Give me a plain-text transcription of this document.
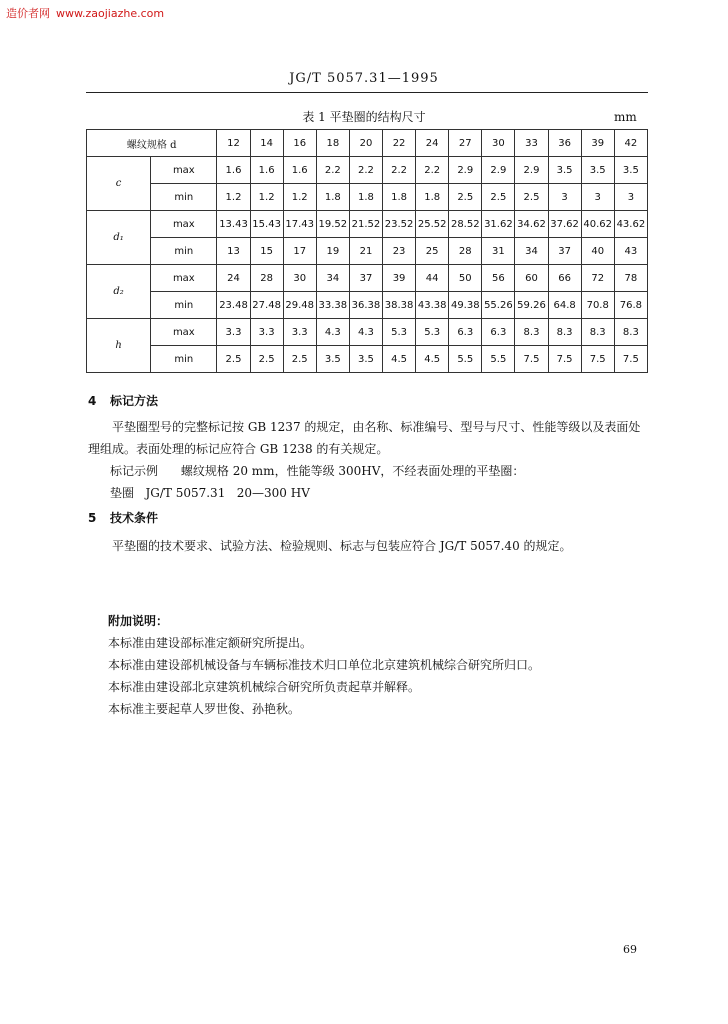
造价者网 www.zaojiazhe.com
JG/T 5057.31—1995
表 1 平垫圈的结构尺寸	mm
螺纹规格 d		12	14	16	18	20	22	24	27	30	33	36	39	42
c	max	1.6	1.6	1.6	2.2	2.2	2.2	2.2	2.9	2.9	2.9	3.5	3.5	3.5
	min	1.2	1.2	1.2	1.8	1.8	1.8	1.8	2.5	2.5	2.5	3	3	3
d₁	max	13.43	15.43	17.43	19.52	21.52	23.52	25.52	28.52	31.62	34.62	37.62	40.62	43.62
	min	13	15	17	19	21	23	25	28	31	34	37	40	43
d₂	max	24	28	30	34	37	39	44	50	56	60	66	72	78
	min	23.48	27.48	29.48	33.38	36.38	38.38	43.38	49.38	55.26	59.26	64.8	70.8	76.8
h	max	3.3	3.3	3.3	4.3	4.3	5.3	5.3	6.3	6.3	8.3	8.3	8.3	8.3
	min	2.5	2.5	2.5	3.5	3.5	4.5	4.5	5.5	5.5	7.5	7.5	7.5	7.5
4 标记方法
平垫圈型号的完整标记按 GB 1237 的规定，由名称、标准编号、型号与尺寸、性能等级以及表面处
理组成。表面处理的标记应符合 GB 1238 的有关规定。
标记示例 螺纹规格 20 mm，性能等级 300HV，不经表面处理的平垫圈：
垫圈   JG/T 5057.31   20—300 HV
5 技术条件
平垫圈的技术要求、试验方法、检验规则、标志与包装应符合 JG/T 5057.40 的规定。
附加说明：
本标准由建设部标准定额研究所提出。
本标准由建设部机械设备与车辆标准技术归口单位北京建筑机械综合研究所归口。
本标准由建设部北京建筑机械综合研究所负责起草并解释。
本标准主要起草人罗世俊、孙艳秋。
69
